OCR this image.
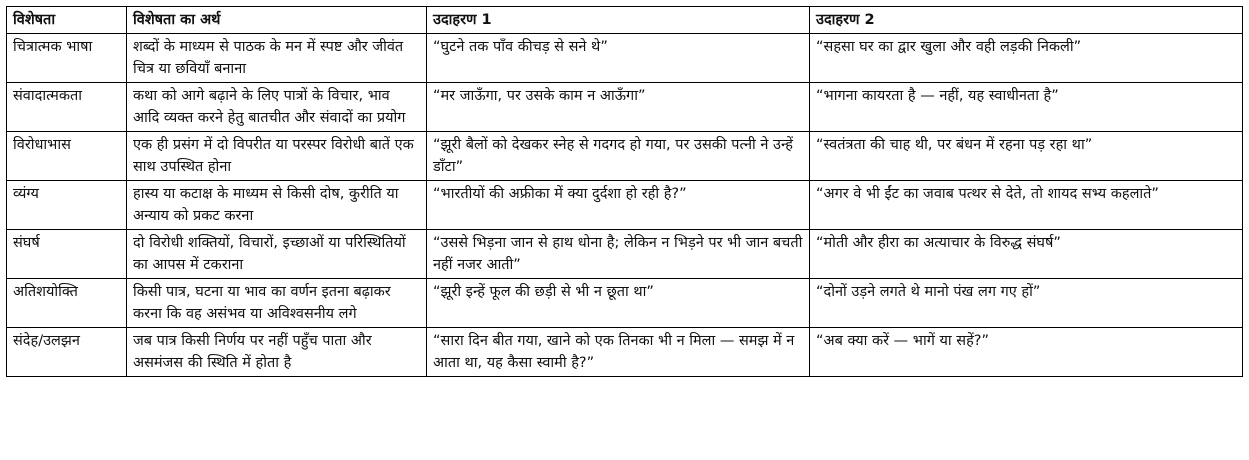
विशेषता	विशेषता का अर्थ	उदाहरण 1	उदाहरण 2
चित्रात्मक भाषा	शब्दों के माध्यम से पाठक के मन में स्पष्ट और जीवंत चित्र या छवियाँ बनाना	“घुटने तक पाँव कीचड़ से सने थे”	“सहसा घर का द्वार खुला और वही लड़की निकली”
संवादात्मकता	कथा को आगे बढ़ाने के लिए पात्रों के विचार, भाव आदि व्यक्त करने हेतु बातचीत और संवादों का प्रयोग	“मर जाऊँगा, पर उसके काम न आऊँगा”	“भागना कायरता है — नहीं, यह स्वाधीनता है”
विरोधाभास	एक ही प्रसंग में दो विपरीत या परस्पर विरोधी बातें एक साथ उपस्थित होना	“झूरी बैलों को देखकर स्नेह से गदगद हो गया, पर उसकी पत्नी ने उन्हें डाँटा”	“स्वतंत्रता की चाह थी, पर बंधन में रहना पड़ रहा था”
व्यंग्य	हास्य या कटाक्ष के माध्यम से किसी दोष, कुरीति या अन्याय को प्रकट करना	“भारतीयों की अफ्रीका में क्या दुर्दशा हो रही है?”	“अगर वे भी ईंट का जवाब पत्थर से देते, तो शायद सभ्य कहलाते”
संघर्ष	दो विरोधी शक्तियों, विचारों, इच्छाओं या परिस्थितियों का आपस में टकराना	“उससे भिड़ना जान से हाथ धोना है; लेकिन न भिड़ने पर भी जान बचती नहीं नजर आती”	“मोती और हीरा का अत्याचार के विरुद्ध संघर्ष”
अतिशयोक्ति	किसी पात्र, घटना या भाव का वर्णन इतना बढ़ाकर करना कि वह असंभव या अविश्वसनीय लगे	“झूरी इन्हें फूल की छड़ी से भी न छूता था”	“दोनों उड़ने लगते थे मानो पंख लग गए हों”
संदेह/उलझन	जब पात्र किसी निर्णय पर नहीं पहुँच पाता और असमंजस की स्थिति में होता है	“सारा दिन बीत गया, खाने को एक तिनका भी न मिला — समझ में न आता था, यह कैसा स्वामी है?”	“अब क्या करें — भागें या सहें?”
